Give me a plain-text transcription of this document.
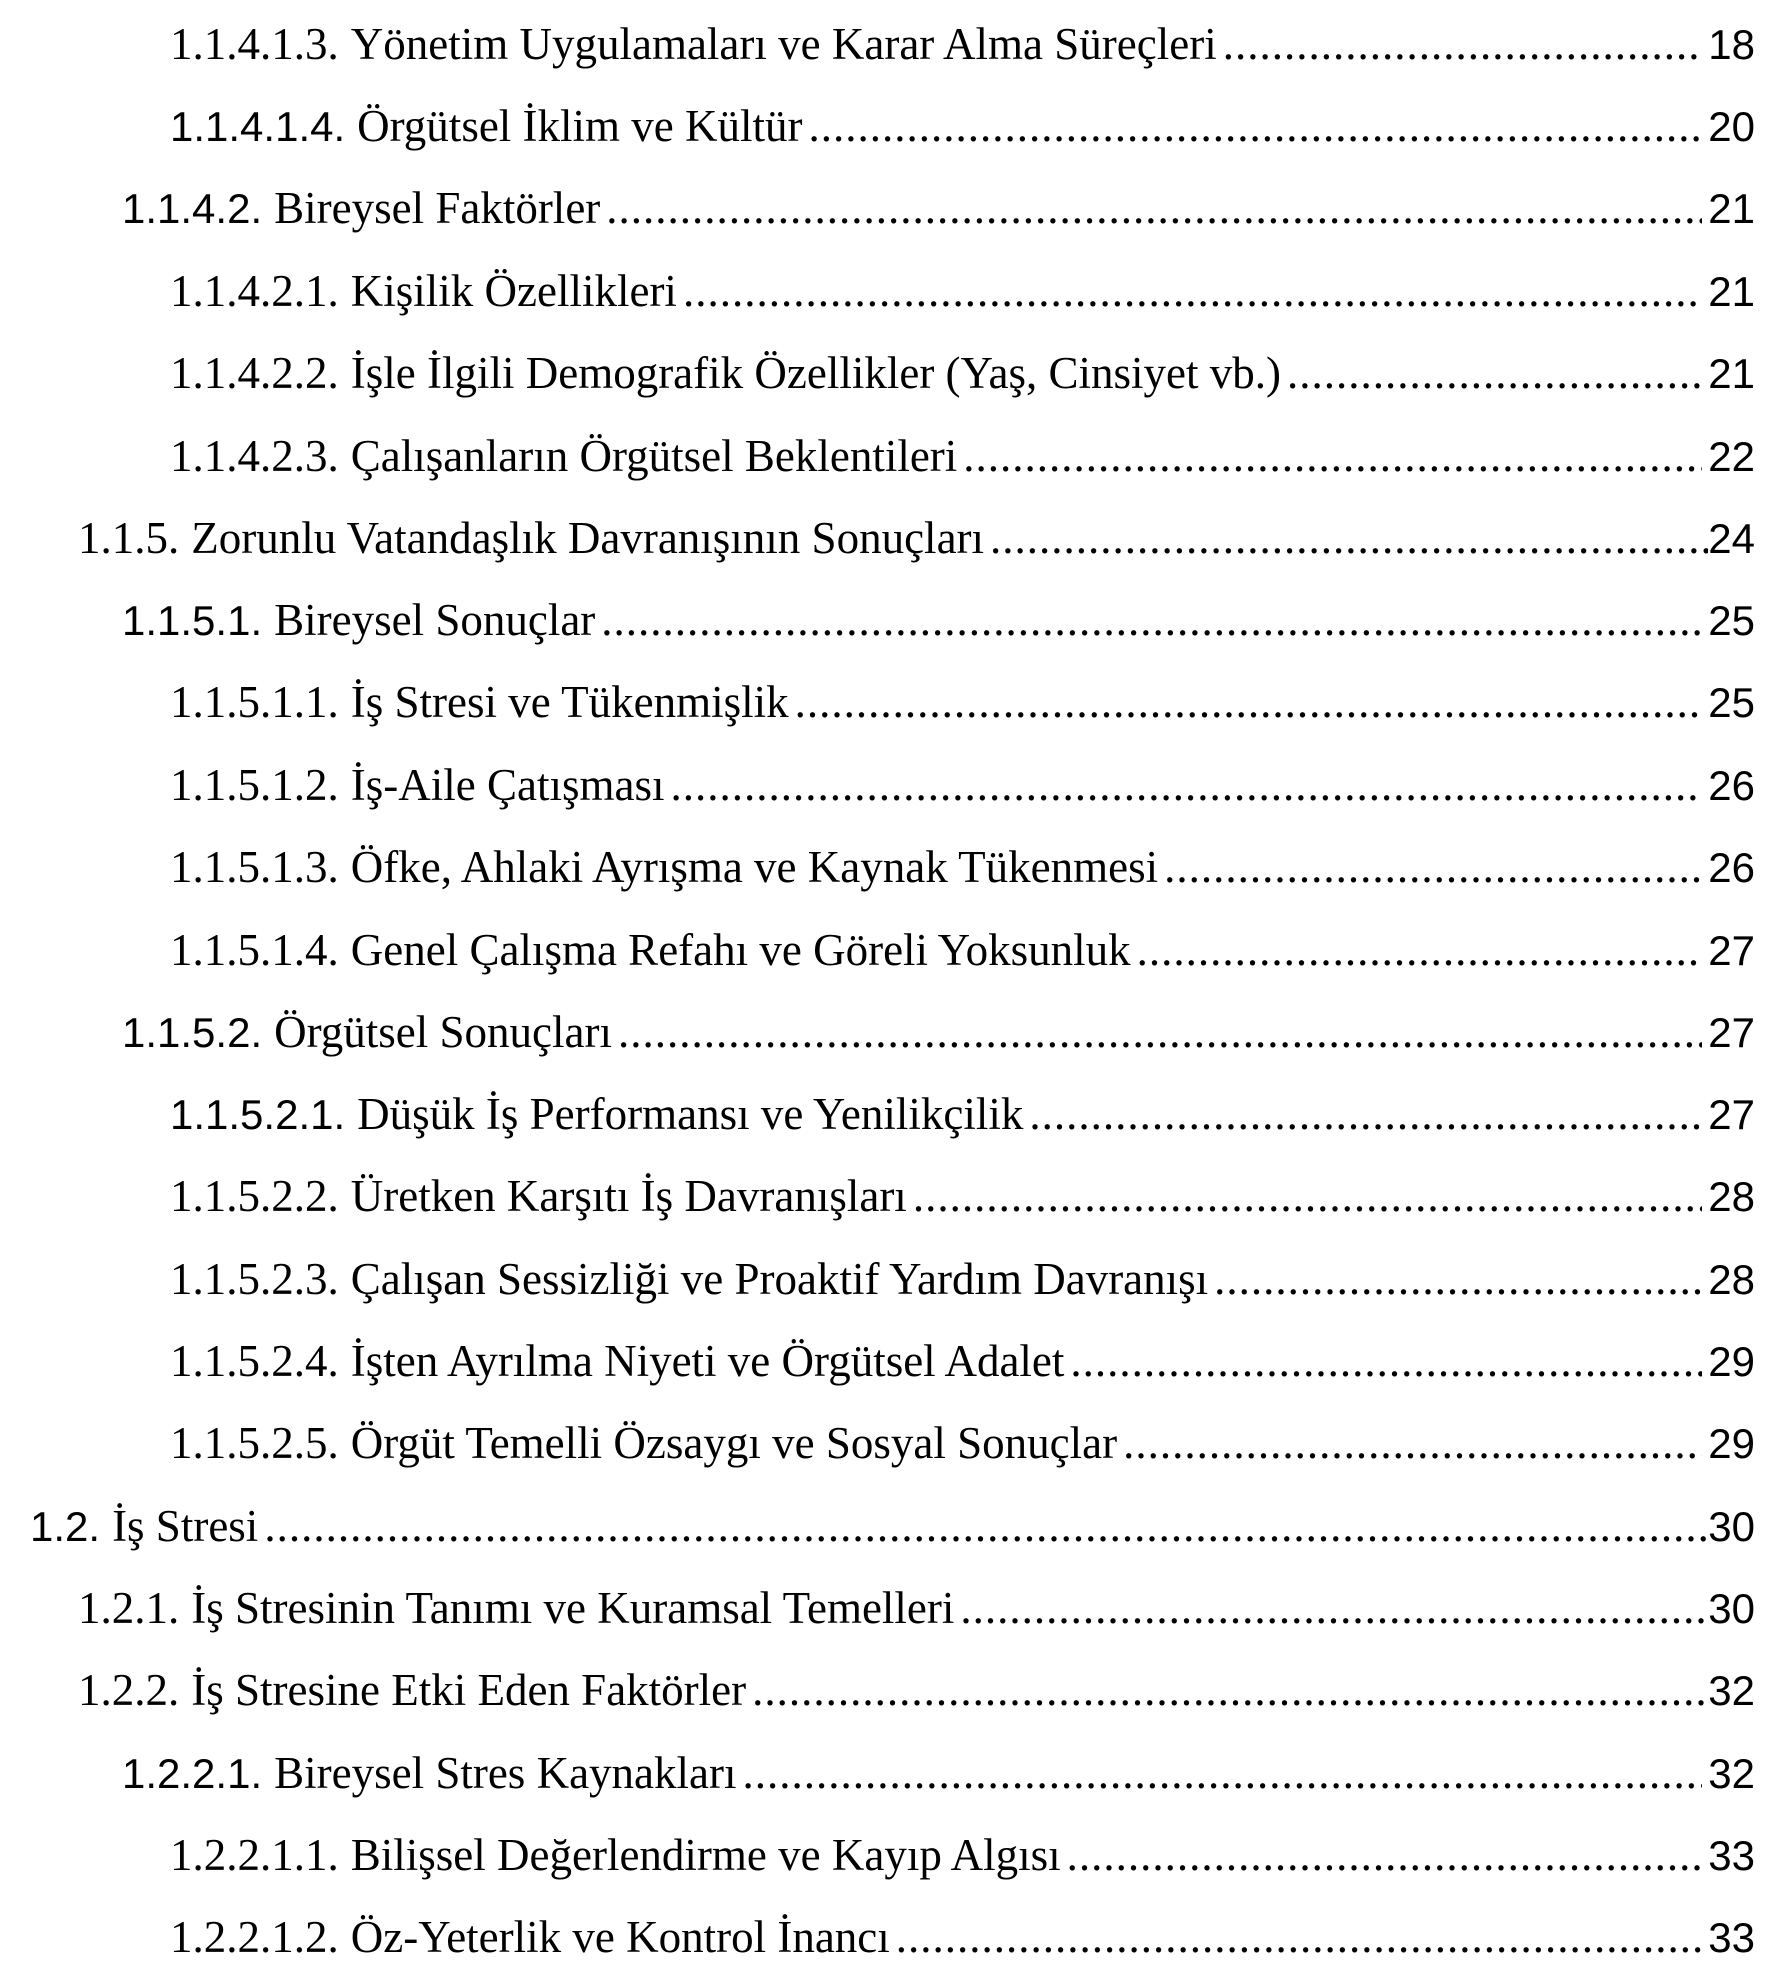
1.1.4.1.3. Yönetim Uygulamaları ve Karar Alma Süreçleri .....	18
1.1.4.1.4. Örgütsel İklim ve Kültür .....	20
1.1.4.2. Bireysel Faktörler .....	21
1.1.4.2.1. Kişilik Özellikleri .....	21
1.1.4.2.2. İşle İlgili Demografik Özellikler (Yaş, Cinsiyet vb.) .....	21
1.1.4.2.3. Çalışanların Örgütsel Beklentileri .....	22
1.1.5. Zorunlu Vatandaşlık Davranışının Sonuçları .....	24
1.1.5.1. Bireysel Sonuçlar .....	25
1.1.5.1.1. İş Stresi ve Tükenmişlik .....	25
1.1.5.1.2. İş-Aile Çatışması .....	26
1.1.5.1.3. Öfke, Ahlaki Ayrışma ve Kaynak Tükenmesi .....	26
1.1.5.1.4. Genel Çalışma Refahı ve Göreli Yoksunluk .....	27
1.1.5.2. Örgütsel Sonuçları .....	27
1.1.5.2.1. Düşük İş Performansı ve Yenilikçilik .....	27
1.1.5.2.2. Üretken Karşıtı İş Davranışları .....	28
1.1.5.2.3. Çalışan Sessizliği ve Proaktif Yardım Davranışı .....	28
1.1.5.2.4. İşten Ayrılma Niyeti ve Örgütsel Adalet .....	29
1.1.5.2.5. Örgüt Temelli Özsaygı ve Sosyal Sonuçlar .....	29
1.2. İş Stresi .....	30
1.2.1. İş Stresinin Tanımı ve Kuramsal Temelleri .....	30
1.2.2. İş Stresine Etki Eden Faktörler .....	32
1.2.2.1. Bireysel Stres Kaynakları .....	32
1.2.2.1.1. Bilişsel Değerlendirme ve Kayıp Algısı .....	33
1.2.2.1.2. Öz-Yeterlik ve Kontrol İnancı .....	33
